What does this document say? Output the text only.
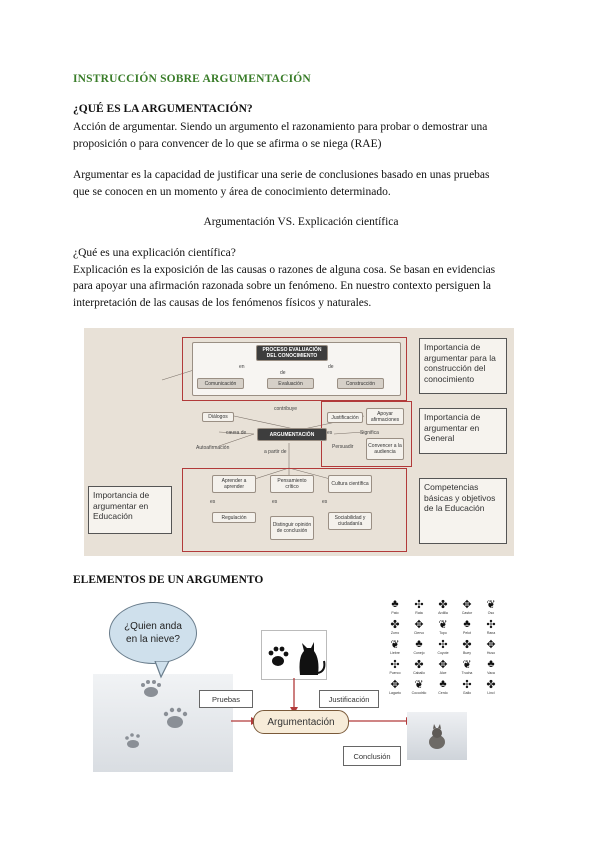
INSTRUCCIÓN SOBRE ARGUMENTACIÓN
¿QUÉ ES LA ARGUMENTACIÓN?
Acción de argumentar. Siendo un argumento el razonamiento para probar o demostrar una
proposición o para convencer de lo que se afirma o se niega (RAE)
Argumentar es la capacidad de justificar una serie de conclusiones basado en unas pruebas
que se conocen en un momento y área de conocimiento determinado.
Argumentación VS. Explicación científica
¿Qué es una explicación científica?
Explicación es la exposición de las causas o razones de alguna cosa. Se basan en evidencias
para apoyar una afirmación razonada sobre un fenómeno. En nuestro contexto persiguen la
interpretación de las causas de los fenómenos físicos y naturales.
PROCESO EVALUACIÓN DEL CONOCIMIENTO
Comunicación	Evaluación	Construcción
en
de
de
contribuye
Diálogos
causa de	ARGUMENTACIÓN
Autoafirmación
a partir de
Justificación
Apoyar afirmaciones
es	Significa
Persuadir	Convencer a la audiencia
Aprender a aprender
Pensamiento crítico	Cultura científica
es	es	es
Regulación
Distinguir opinión de conclusión
Sociabilidad y ciudadanía
Importancia de argumentar para la construcción del conocimiento
Importancia de argumentar en General
Importancia de argumentar en Educación
Competencias básicas y objetivos de la Educación
ELEMENTOS DE UN ARGUMENTO
¿Quien anda en la nieve?
Pruebas	Justificación
Argumentación
Conclusión
♣
Pato
✣
Rata
✤
Ardilla
✥
Castor
❦
Oso
✤
Zorro
✥
Ciervo
❦
Topo
♣
Pelot
✣
Rana
❦
Liebre
♣
Conejo
✣
Coyote
✤
Buey
✥
Huso
✣
Puerco
✤
Caballo
✥
Alce
❦
Trucha
♣
Vaca
✥
Lagarto
❦
Cocodrilo
♣
Cerdo
✣
Gallo
✤
Lincl
